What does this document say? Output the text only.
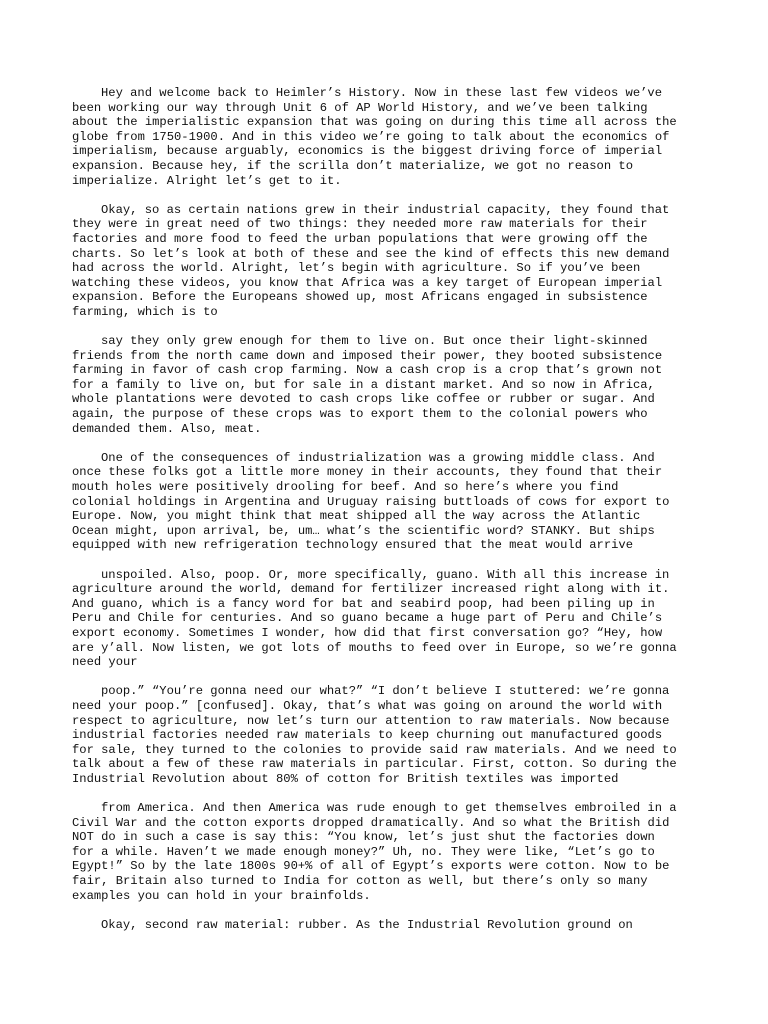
Hey and welcome back to Heimler’s History. Now in these last few videos we’ve
been working our way through Unit 6 of AP World History, and we’ve been talking
about the imperialistic expansion that was going on during this time all across the
globe from 1750-1900. And in this video we’re going to talk about the economics of
imperialism, because arguably, economics is the biggest driving force of imperial
expansion. Because hey, if the scrilla don’t materialize, we got no reason to
imperialize. Alright let’s get to it.

Okay, so as certain nations grew in their industrial capacity, they found that
they were in great need of two things: they needed more raw materials for their
factories and more food to feed the urban populations that were growing off the
charts. So let’s look at both of these and see the kind of effects this new demand
had across the world. Alright, let’s begin with agriculture. So if you’ve been
watching these videos, you know that Africa was a key target of European imperial
expansion. Before the Europeans showed up, most Africans engaged in subsistence
farming, which is to

say they only grew enough for them to live on. But once their light-skinned
friends from the north came down and imposed their power, they booted subsistence
farming in favor of cash crop farming. Now a cash crop is a crop that’s grown not
for a family to live on, but for sale in a distant market. And so now in Africa,
whole plantations were devoted to cash crops like coffee or rubber or sugar. And
again, the purpose of these crops was to export them to the colonial powers who
demanded them. Also, meat.

One of the consequences of industrialization was a growing middle class. And
once these folks got a little more money in their accounts, they found that their
mouth holes were positively drooling for beef. And so here’s where you find
colonial holdings in Argentina and Uruguay raising buttloads of cows for export to
Europe. Now, you might think that meat shipped all the way across the Atlantic
Ocean might, upon arrival, be, um… what’s the scientific word? STANKY. But ships
equipped with new refrigeration technology ensured that the meat would arrive

unspoiled. Also, poop. Or, more specifically, guano. With all this increase in
agriculture around the world, demand for fertilizer increased right along with it.
And guano, which is a fancy word for bat and seabird poop, had been piling up in
Peru and Chile for centuries. And so guano became a huge part of Peru and Chile’s
export economy. Sometimes I wonder, how did that first conversation go? “Hey, how
are y’all. Now listen, we got lots of mouths to feed over in Europe, so we’re gonna
need your

poop.” “You’re gonna need our what?” “I don’t believe I stuttered: we’re gonna
need your poop.” [confused]. Okay, that’s what was going on around the world with
respect to agriculture, now let’s turn our attention to raw materials. Now because
industrial factories needed raw materials to keep churning out manufactured goods
for sale, they turned to the colonies to provide said raw materials. And we need to
talk about a few of these raw materials in particular. First, cotton. So during the
Industrial Revolution about 80% of cotton for British textiles was imported

from America. And then America was rude enough to get themselves embroiled in a
Civil War and the cotton exports dropped dramatically. And so what the British did
NOT do in such a case is say this: “You know, let’s just shut the factories down
for a while. Haven’t we made enough money?” Uh, no. They were like, “Let’s go to
Egypt!” So by the late 1800s 90+% of all of Egypt’s exports were cotton. Now to be
fair, Britain also turned to India for cotton as well, but there’s only so many
examples you can hold in your brainfolds.

Okay, second raw material: rubber. As the Industrial Revolution ground on
